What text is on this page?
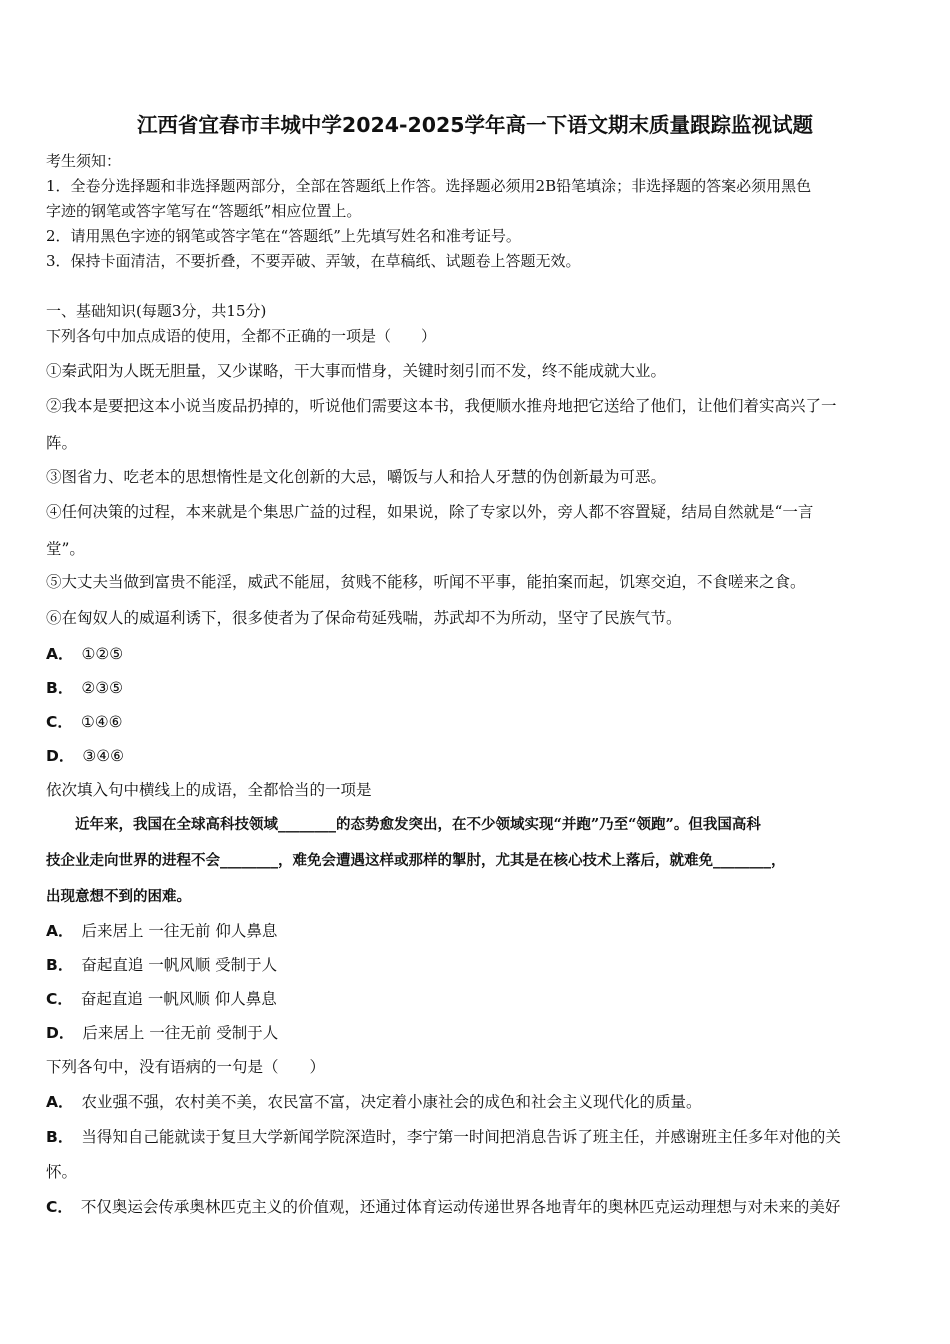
江西省宜春市丰城中学2024-2025学年高一下语文期末质量跟踪监视试题
考生须知：
1．全卷分选择题和非选择题两部分，全部在答题纸上作答。选择题必须用2B铅笔填涂；非选择题的答案必须用黑色
字迹的钢笔或答字笔写在“答题纸”相应位置上。
2．请用黑色字迹的钢笔或答字笔在“答题纸”上先填写姓名和准考证号。
3．保持卡面清洁，不要折叠，不要弄破、弄皱，在草稿纸、试题卷上答题无效。
一、基础知识(每题3分，共15分)
下列各句中加点成语的使用，全都不正确的一项是（　　）
①秦武阳为人既无胆量，又少谋略，干大事而惜身，关键时刻引而不发，终不能成就大业。
②我本是要把这本小说当废品扔掉的，听说他们需要这本书，我便顺水推舟地把它送给了他们，让他们着实高兴了一
阵。
③图省力、吃老本的思想惰性是文化创新的大忌，嚼饭与人和拾人牙慧的伪创新最为可恶。
④任何决策的过程，本来就是个集思广益的过程，如果说，除了专家以外，旁人都不容置疑，结局自然就是“一言
堂”。
⑤大丈夫当做到富贵不能淫，威武不能屈，贫贱不能移，听闻不平事，能拍案而起，饥寒交迫，不食嗟来之食。
⑥在匈奴人的威逼利诱下，很多使者为了保命苟延残喘，苏武却不为所动，坚守了民族气节。
A． ①②⑤
B． ②③⑤
C． ①④⑥
D． ③④⑥
依次填入句中横线上的成语，全都恰当的一项是
　　近年来，我国在全球高科技领域________的态势愈发突出，在不少领域实现“并跑”乃至“领跑”。但我国高科
技企业走向世界的进程不会________，难免会遭遇这样或那样的掣肘，尤其是在核心技术上落后，就难免________，
出现意想不到的困难。
A． 后来居上 一往无前 仰人鼻息
B． 奋起直追 一帆风顺 受制于人
C． 奋起直追 一帆风顺 仰人鼻息
D． 后来居上 一往无前 受制于人
下列各句中，没有语病的一句是（　　）
A． 农业强不强，农村美不美，农民富不富，决定着小康社会的成色和社会主义现代化的质量。
B． 当得知自己能就读于复旦大学新闻学院深造时，李宁第一时间把消息告诉了班主任，并感谢班主任多年对他的关
怀。
C． 不仅奥运会传承奥林匹克主义的价值观，还通过体育运动传递世界各地青年的奥林匹克运动理想与对未来的美好
